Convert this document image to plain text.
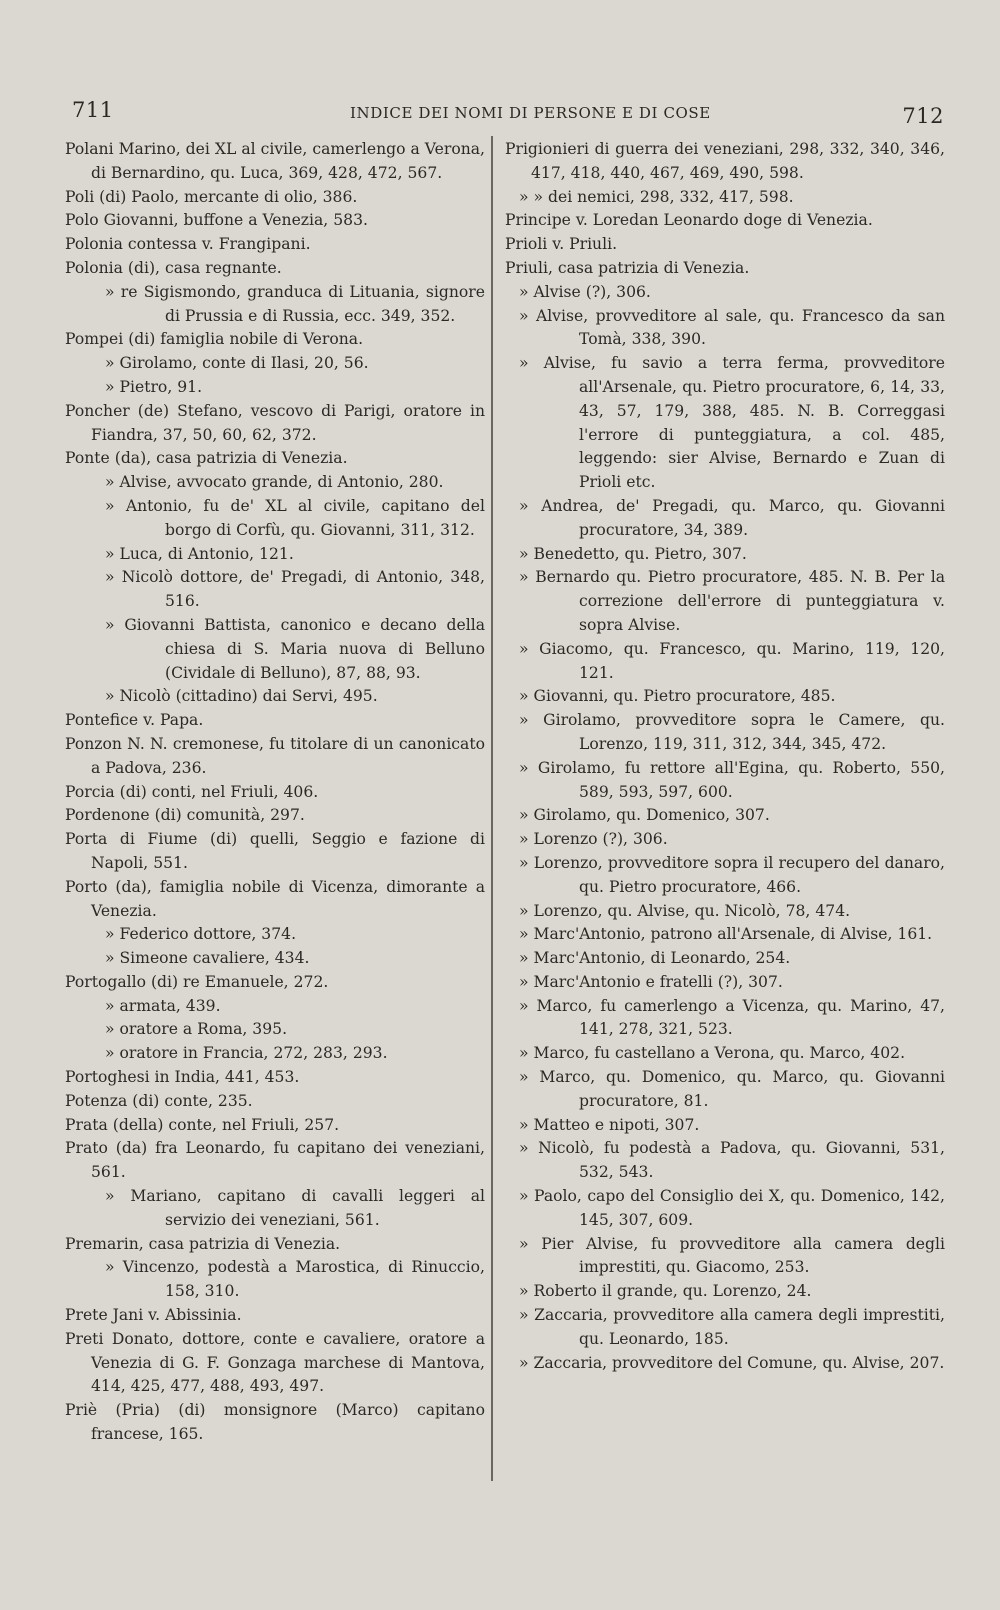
711	INDICE DEI NOMI DI PERSONE E DI COSE	712
Polani Marino, dei XL al civile, camerlengo a Verona, di Bernardino, qu. Luca, 369, 428, 472, 567.
Poli (di) Paolo, mercante di olio, 386.
Polo Giovanni, buffone a Venezia, 583.
Polonia contessa v. Frangipani.
Polonia (di), casa regnante.
» re Sigismondo, granduca di Lituania, signore di Prussia e di Russia, ecc. 349, 352.
Pompei (di) famiglia nobile di Verona.
» Girolamo, conte di Ilasi, 20, 56.
» Pietro, 91.
Poncher (de) Stefano, vescovo di Parigi, oratore in Fiandra, 37, 50, 60, 62, 372.
Ponte (da), casa patrizia di Venezia.
» Alvise, avvocato grande, di Antonio, 280.
» Antonio, fu de' XL al civile, capitano del borgo di Corfù, qu. Giovanni, 311, 312.
» Luca, di Antonio, 121.
» Nicolò dottore, de' Pregadi, di Antonio, 348, 516.
» Giovanni Battista, canonico e decano della chiesa di S. Maria nuova di Belluno (Cividale di Belluno), 87, 88, 93.
» Nicolò (cittadino) dai Servi, 495.
Pontefice v. Papa.
Ponzon N. N. cremonese, fu titolare di un canonicato a Padova, 236.
Porcia (di) conti, nel Friuli, 406.
Pordenone (di) comunità, 297.
Porta di Fiume (di) quelli, Seggio e fazione di Napoli, 551.
Porto (da), famiglia nobile di Vicenza, dimorante a Venezia.
» Federico dottore, 374.
» Simeone cavaliere, 434.
Portogallo (di) re Emanuele, 272.
» armata, 439.
» oratore a Roma, 395.
» oratore in Francia, 272, 283, 293.
Portoghesi in India, 441, 453.
Potenza (di) conte, 235.
Prata (della) conte, nel Friuli, 257.
Prato (da) fra Leonardo, fu capitano dei veneziani, 561.
» Mariano, capitano di cavalli leggeri al servizio dei veneziani, 561.
Premarin, casa patrizia di Venezia.
» Vincenzo, podestà a Marostica, di Rinuccio, 158, 310.
Prete Jani v. Abissinia.
Preti Donato, dottore, conte e cavaliere, oratore a Venezia di G. F. Gonzaga marchese di Mantova, 414, 425, 477, 488, 493, 497.
Priè (Pria) (di) monsignore (Marco) capitano francese, 165.
Prigionieri di guerra dei veneziani, 298, 332, 340, 346, 417, 418, 440, 467, 469, 490, 598.
» » dei nemici, 298, 332, 417, 598.
Principe v. Loredan Leonardo doge di Venezia.
Prioli v. Priuli.
Priuli, casa patrizia di Venezia.
» Alvise (?), 306.
» Alvise, provveditore al sale, qu. Francesco da san Tomà, 338, 390.
» Alvise, fu savio a terra ferma, provveditore all'Arsenale, qu. Pietro procuratore, 6, 14, 33, 43, 57, 179, 388, 485. N. B. Correggasi l'errore di punteggiatura, a col. 485, leggendo: sier Alvise, Bernardo e Zuan di Prioli etc.
» Andrea, de' Pregadi, qu. Marco, qu. Giovanni procuratore, 34, 389.
» Benedetto, qu. Pietro, 307.
» Bernardo qu. Pietro procuratore, 485. N. B. Per la correzione dell'errore di punteggiatura v. sopra Alvise.
» Giacomo, qu. Francesco, qu. Marino, 119, 120, 121.
» Giovanni, qu. Pietro procuratore, 485.
» Girolamo, provveditore sopra le Camere, qu. Lorenzo, 119, 311, 312, 344, 345, 472.
» Girolamo, fu rettore all'Egina, qu. Roberto, 550, 589, 593, 597, 600.
» Girolamo, qu. Domenico, 307.
» Lorenzo (?), 306.
» Lorenzo, provveditore sopra il recupero del danaro, qu. Pietro procuratore, 466.
» Lorenzo, qu. Alvise, qu. Nicolò, 78, 474.
» Marc'Antonio, patrono all'Arsenale, di Alvise, 161.
» Marc'Antonio, di Leonardo, 254.
» Marc'Antonio e fratelli (?), 307.
» Marco, fu camerlengo a Vicenza, qu. Marino, 47, 141, 278, 321, 523.
» Marco, fu castellano a Verona, qu. Marco, 402.
» Marco, qu. Domenico, qu. Marco, qu. Giovanni procuratore, 81.
» Matteo e nipoti, 307.
» Nicolò, fu podestà a Padova, qu. Giovanni, 531, 532, 543.
» Paolo, capo del Consiglio dei X, qu. Domenico, 142, 145, 307, 609.
» Pier Alvise, fu provveditore alla camera degli imprestiti, qu. Giacomo, 253.
» Roberto il grande, qu. Lorenzo, 24.
» Zaccaria, provveditore alla camera degli imprestiti, qu. Leonardo, 185.
» Zaccaria, provveditore del Comune, qu. Alvise, 207.
